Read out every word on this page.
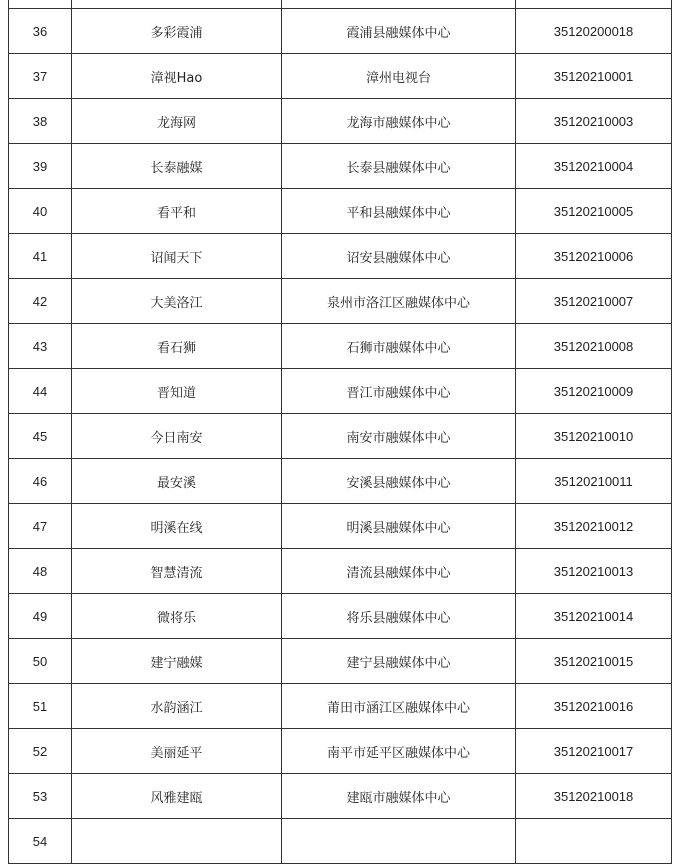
36	多彩霞浦	霞浦县融媒体中心	35120200018
37	漳视Hao	漳州电视台	35120210001
38	龙海网	龙海市融媒体中心	35120210003
39	长泰融媒	长泰县融媒体中心	35120210004
40	看平和	平和县融媒体中心	35120210005
41	诏闻天下	诏安县融媒体中心	35120210006
42	大美洛江	泉州市洛江区融媒体中心	35120210007
43	看石狮	石狮市融媒体中心	35120210008
44	晋知道	晋江市融媒体中心	35120210009
45	今日南安	南安市融媒体中心	35120210010
46	最安溪	安溪县融媒体中心	35120210011
47	明溪在线	明溪县融媒体中心	35120210012
48	智慧清流	清流县融媒体中心	35120210013
49	微将乐	将乐县融媒体中心	35120210014
50	建宁融媒	建宁县融媒体中心	35120210015
51	水韵涵江	莆田市涵江区融媒体中心	35120210016
52	美丽延平	南平市延平区融媒体中心	35120210017
53	风雅建瓯	建瓯市融媒体中心	35120210018
54			
